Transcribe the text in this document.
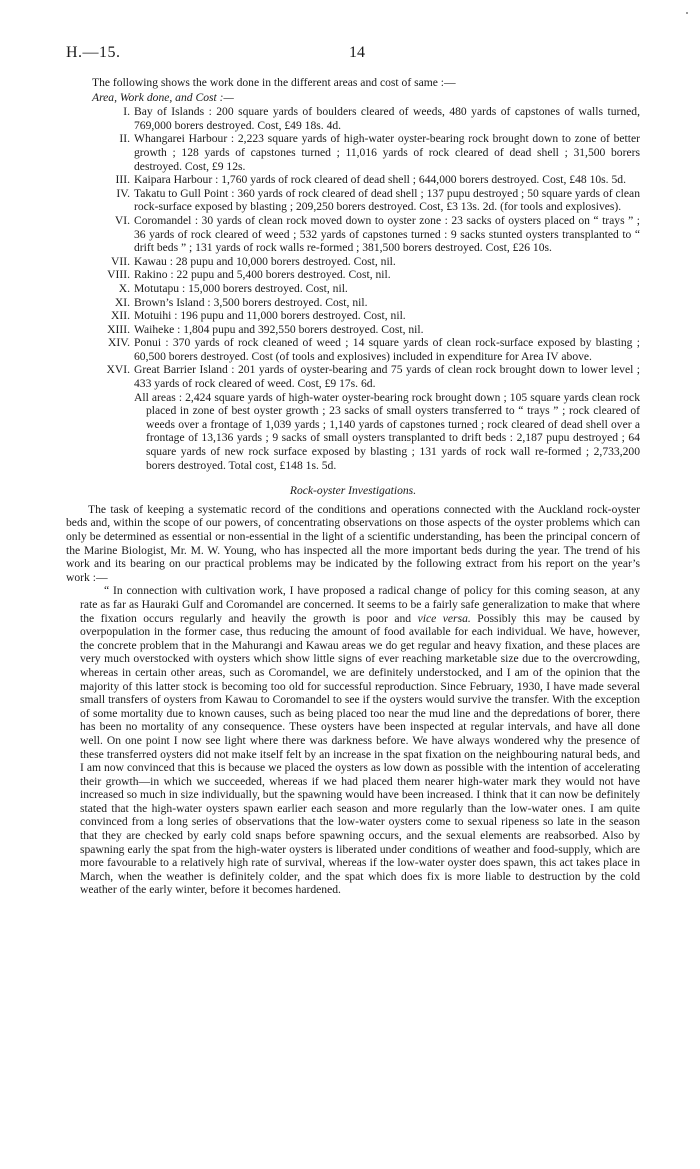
H.—15.	14

The following shows the work done in the different areas and cost of same :—

Area, Work done, and Cost :—

I. Bay of Islands : 200 square yards of boulders cleared of weeds, 480 yards of capstones of walls turned, 769,000 borers destroyed. Cost, £49 18s. 4d.
II. Whangarei Harbour : 2,223 square yards of high-water oyster-bearing rock brought down to zone of better growth ; 128 yards of capstones turned ; 11,016 yards of rock cleared of dead shell ; 31,500 borers destroyed. Cost, £9 12s.
III. Kaipara Harbour : 1,760 yards of rock cleared of dead shell ; 644,000 borers destroyed. Cost, £48 10s. 5d.
IV. Takatu to Gull Point : 360 yards of rock cleared of dead shell ; 137 pupu destroyed ; 50 square yards of clean rock-surface exposed by blasting ; 209,250 borers destroyed. Cost, £3 13s. 2d. (for tools and explosives).
VI. Coromandel : 30 yards of clean rock moved down to oyster zone : 23 sacks of oysters placed on “ trays ” ; 36 yards of rock cleared of weed ; 532 yards of capstones turned : 9 sacks stunted oysters transplanted to “ drift beds ” ; 131 yards of rock walls re-formed ; 381,500 borers destroyed. Cost, £26 10s.
VII. Kawau : 28 pupu and 10,000 borers destroyed. Cost, nil.
VIII. Rakino : 22 pupu and 5,400 borers destroyed. Cost, nil.
X. Motutapu : 15,000 borers destroyed. Cost, nil.
XI. Brown’s Island : 3,500 borers destroyed. Cost, nil.
XII. Motuihi : 196 pupu and 11,000 borers destroyed. Cost, nil.
XIII. Waiheke : 1,804 pupu and 392,550 borers destroyed. Cost, nil.
XIV. Ponui : 370 yards of rock cleaned of weed ; 14 square yards of clean rock-surface exposed by blasting ; 60,500 borers destroyed. Cost (of tools and explosives) included in expenditure for Area IV above.
XVI. Great Barrier Island : 201 yards of oyster-bearing and 75 yards of clean rock brought down to lower level ; 433 yards of rock cleared of weed. Cost, £9 17s. 6d.

All areas : 2,424 square yards of high-water oyster-bearing rock brought down ; 105 square yards clean rock placed in zone of best oyster growth ; 23 sacks of small oysters transferred to “ trays ” ; rock cleared of weeds over a frontage of 1,039 yards ; 1,140 yards of capstones turned ; rock cleared of dead shell over a frontage of 13,136 yards ; 9 sacks of small oysters transplanted to drift beds : 2,187 pupu destroyed ; 64 square yards of new rock surface exposed by blasting ; 131 yards of rock wall re-formed ; 2,733,200 borers destroyed. Total cost, £148 1s. 5d.

Rock-oyster Investigations.

The task of keeping a systematic record of the conditions and operations connected with the Auckland rock-oyster beds and, within the scope of our powers, of concentrating observations on those aspects of the oyster problems which can only be determined as essential or non-essential in the light of a scientific understanding, has been the principal concern of the Marine Biologist, Mr. M. W. Young, who has inspected all the more important beds during the year. The trend of his work and its bearing on our practical problems may be indicated by the following extract from his report on the year’s work :—

“ In connection with cultivation work, I have proposed a radical change of policy for this coming season, at any rate as far as Hauraki Gulf and Coromandel are concerned. It seems to be a fairly safe generalization to make that where the fixation occurs regularly and heavily the growth is poor and vice versa. Possibly this may be caused by overpopulation in the former case, thus reducing the amount of food available for each individual. We have, however, the concrete problem that in the Mahurangi and Kawau areas we do get regular and heavy fixation, and these places are very much overstocked with oysters which show little signs of ever reaching marketable size due to the overcrowding, whereas in certain other areas, such as Coromandel, we are definitely understocked, and I am of the opinion that the majority of this latter stock is becoming too old for successful reproduction. Since February, 1930, I have made several small transfers of oysters from Kawau to Coromandel to see if the oysters would survive the transfer. With the exception of some mortality due to known causes, such as being placed too near the mud line and the depredations of borer, there has been no mortality of any consequence. These oysters have been inspected at regular intervals, and have all done well. On one point I now see light where there was darkness before. We have always wondered why the presence of these transferred oysters did not make itself felt by an increase in the spat fixation on the neighbouring natural beds, and I am now convinced that this is because we placed the oysters as low down as possible with the intention of accelerating their growth—in which we succeeded, whereas if we had placed them nearer high-water mark they would not have increased so much in size individually, but the spawning would have been increased. I think that it can now be definitely stated that the high-water oysters spawn earlier each season and more regularly than the low-water ones. I am quite convinced from a long series of observations that the low-water oysters come to sexual ripeness so late in the season that they are checked by early cold snaps before spawning occurs, and the sexual elements are reabsorbed. Also by spawning early the spat from the high-water oysters is liberated under conditions of weather and food-supply, which are more favourable to a relatively high rate of survival, whereas if the low-water oyster does spawn, this act takes place in March, when the weather is definitely colder, and the spat which does fix is more liable to destruction by the cold weather of the early winter, before it becomes hardened.
